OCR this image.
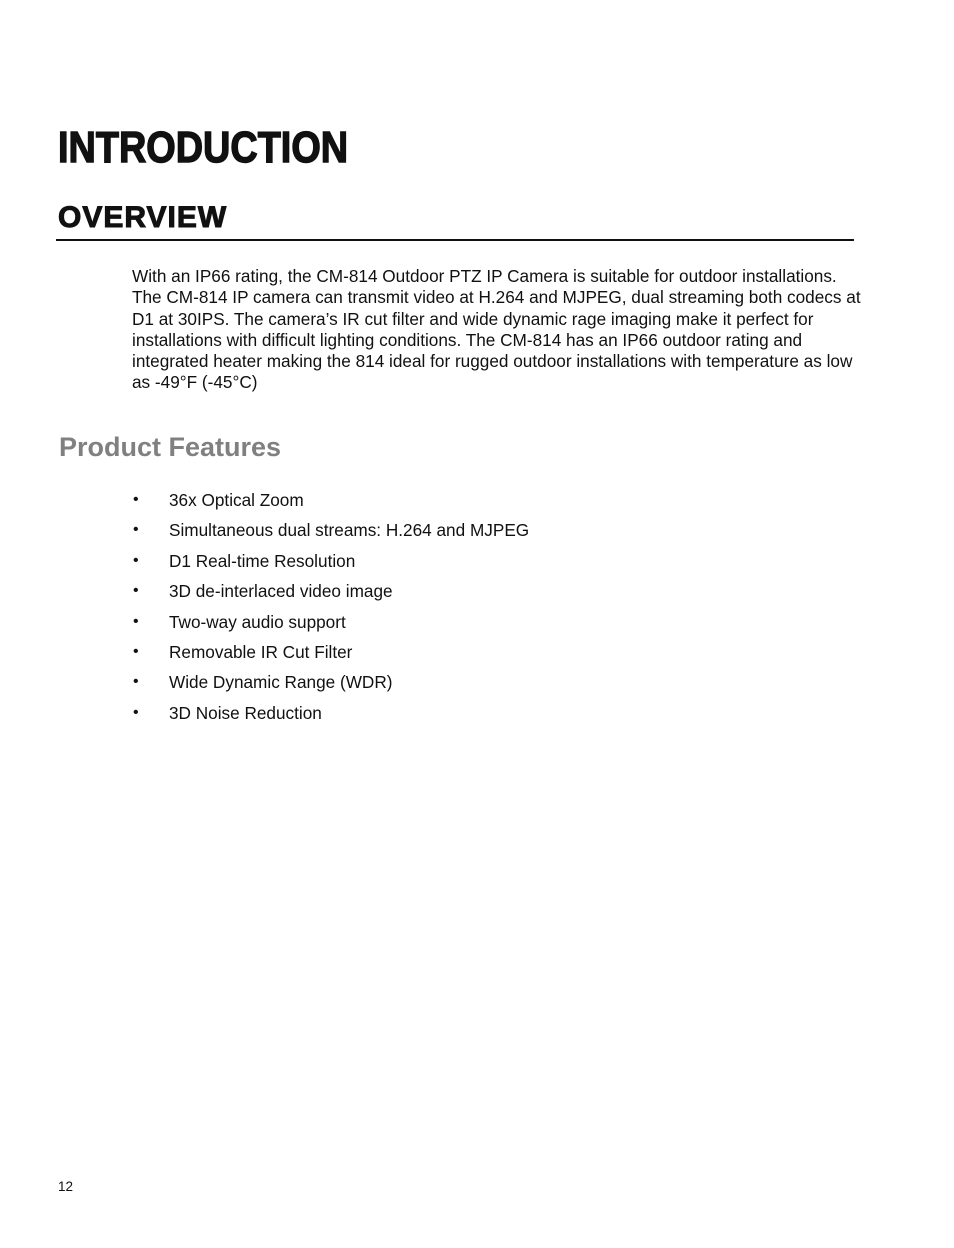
INTRODUCTION
OVERVIEW

With an IP66 rating, the CM-814 Outdoor PTZ IP Camera is suitable for outdoor installations. The CM-814 IP camera can transmit video at H.264 and MJPEG, dual streaming both codecs at D1 at 30IPS. The camera’s IR cut filter and wide dynamic rage imaging make it perfect for installations with difficult lighting conditions. The CM-814 has an IP66 outdoor rating and integrated heater making the 814 ideal for rugged outdoor installations with temperature as low as -49°F (-45°C)

Product Features
• 36x Optical Zoom
• Simultaneous dual streams: H.264 and MJPEG
• D1 Real-time Resolution
• 3D de-interlaced video image
• Two-way audio support
• Removable IR Cut Filter
• Wide Dynamic Range (WDR)
• 3D Noise Reduction
12
